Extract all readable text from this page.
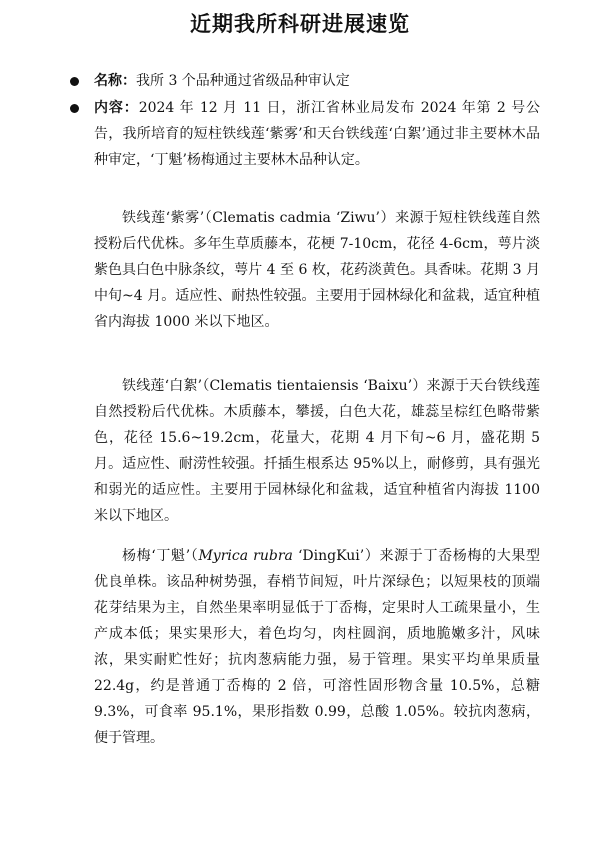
近期我所科研进展速览
名称：我所 3 个品种通过省级品种审认定
内容：2024 年 12 月 11 日，浙江省林业局发布 2024 年第 2 号公告，我所培育的短柱铁线莲‘紫雾’和天台铁线莲‘白絮’通过非主要林木品种审定，‘丁魁’杨梅通过主要林木品种认定。
铁线莲‘紫雾’（Clematis cadmia ‘Ziwu’）来源于短柱铁线莲自然授粉后代优株。多年生草质藤本，花梗 7-10cm，花径 4-6cm，萼片淡紫色具白色中脉条纹，萼片 4 至 6 枚，花药淡黄色。具香味。花期 3 月中旬~4 月。适应性、耐热性较强。主要用于园林绿化和盆栽，适宜种植省内海拔 1000 米以下地区。
铁线莲‘白絮’（Clematis tientaiensis ‘Baixu’）来源于天台铁线莲自然授粉后代优株。木质藤本，攀援，白色大花，雄蕊呈棕红色略带紫色，花径 15.6~19.2cm，花量大，花期 4 月下旬~6 月，盛花期 5 月。适应性、耐涝性较强。扦插生根系达 95%以上，耐修剪，具有强光和弱光的适应性。主要用于园林绿化和盆栽，适宜种植省内海拔 1100 米以下地区。
杨梅‘丁魁’（Myrica rubra ‘DingKui’）来源于丁岙杨梅的大果型优良单株。该品种树势强，春梢节间短，叶片深绿色；以短果枝的顶端花芽结果为主，自然坐果率明显低于丁岙梅，定果时人工疏果量小，生产成本低；果实果形大，着色均匀，肉柱圆润，质地脆嫩多汁，风味浓，果实耐贮性好；抗肉葱病能力强，易于管理。果实平均单果质量 22.4g，约是普通丁岙梅的 2 倍，可溶性固形物含量 10.5%，总糖 9.3%，可食率 95.1%，果形指数 0.99，总酸 1.05%。较抗肉葱病，便于管理。
